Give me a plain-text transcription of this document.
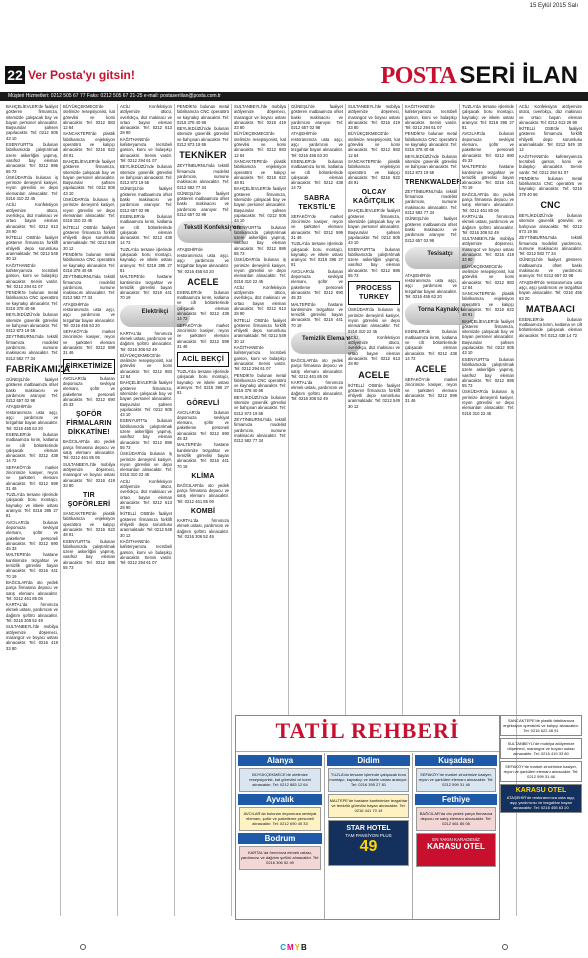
15 Eylül 2015 Salı
22 Ver Posta'yı gitsin!	POSTA SERİ İLAN
Müşteri Hizmetleri: 0212 505 67 77 Faks: 0212 505 67 21-25 e-mail: postaseriilan@posta.com.tr

BAHÇELİEVLER'de faaliyet gösteren firmamıza, sitemizde çalışacak bay ve bayan personel alınacaktır. Başvurular şahsen yapılacaktır. Tel: 0212 505 43 10

ESENYURT'ta bulunan fabrikamızda çalıştırılmak üzere askerliğini yapmış, vasıfsız bay eleman alınacaktır. Tel: 0212 886 55 73

ÜSKÜDAR'da bulunan iş yerimize deneyimli kasiyer, reyon görevlisi ve depo elemanları alınacaktır. Tel: 0216 310 22 45

ACİL! Konfeksiyon atölyemize ütücü, overlokçu, düz makinacı ve ortacı bayan eleman alınacaktır. Tel: 0212 613 28 90

İKİTELLİ OSB'de faaliyet gösteren firmamıza forklift ehliyetli depo sorumlusu aranmaktadır. Tel: 0212 549 30 12

KAĞITHANE'de kafeteryamıza tecrübeli garson, komi ve bulaşıkçı alınacaktır. Servis vardır. Tel: 0212 294 61 07

PENDİK'te bulunan metal fabrikamıza CNC operatörü ve kaynakçı alınacaktır. Tel: 0216 378 40 66

BEYLİKDÜZÜ'nde bulunan sitemize güvenlik görevlisi ve bahçıvan alınacaktır. Tel: 0212 873 19 55

ZEYTİNBURNU'nda tekstil firmamıza modelist yardımcısı, numune makinacısı alınacaktır. Tel: 0212 582 77 34

FABRİKAMIZA

GÜNEŞLİ'de faaliyet gösteren matbaamıza ofset baskı makinacısı ve yardımcısı aranıyor. Tel: 0212 657 02 98

ATAŞEHİR'de restoranımıza usta aşçı, aşçı yardımcısı ve tezgahtar bayan alınacaktır. Tel: 0216 455 63 20

ESENLER'de bulunan matbaamıza kırım, katlama ve cilt bölümlerinde çalışacak eleman alınacaktır. Tel: 0212 438 14 72

SEFAKÖY'de market zincirimize kasiyer, reyon ve şarküteri elemanı alınacaktır. Tel: 0212 599 31 46

TUZLA'da tersane işlerinde çalışacak boru montajcı, kaynakçı ve iskele ustası aranıyor. Tel: 0216 395 27 81

AVCILAR'da bulunan depomuza sevkiyat elemanı, şoför ve paketleme personeli alınacaktır. Tel: 0212 690 45 33

MALTEPE'de hastane kantinimize tezgahtar ve temizlik görevlisi bayan alınacaktır. Tel: 0216 441 70 19

BAĞCILAR'da oto yedek parça firmasına depocu ve satış elemanı alınacaktır. Tel: 0212 461 85 06

KARTAL'da fırınımıza ekmek ustası, yardımcısı ve dağıtım şoförü alınacaktır. Tel: 0216 306 52 49

SULTANBEYLİ'de mobilya atölyemize döşemeci, marangoz ve boyacı ustası alınacaktır. Tel: 0216 419 33 80

BÜYÜKÇEKMECE'de otelimize resepsiyonist, kat görevlisi ve komi alınacaktır. Tel: 0212 883 12 64

SANCAKTEPE'de plastik fabrikamıza enjeksiyon operatörü ve kalıpçı alınacaktır. Tel: 0216 622 48 91

BAHÇELİEVLER'de faaliyet gösteren firmamıza, sitemizde çalışacak bay ve bayan personel alınacaktır. Başvurular şahsen yapılacaktır. Tel: 0212 505 43 10

ÜSKÜDAR'da bulunan iş yerimize deneyimli kasiyer, reyon görevlisi ve depo elemanları alınacaktır. Tel: 0216 310 22 45

İKİTELLİ OSB'de faaliyet gösteren firmamıza forklift ehliyetli depo sorumlusu aranmaktadır. Tel: 0212 549 30 12

PENDİK'te bulunan metal fabrikamıza CNC operatörü ve kaynakçı alınacaktır. Tel: 0216 378 40 66

ZEYTİNBURNU'nda tekstil firmamıza modelist yardımcısı, numune makinacısı alınacaktır. Tel: 0212 582 77 34

ATAŞEHİR'de restoranımıza usta aşçı, aşçı yardımcısı ve tezgahtar bayan alınacaktır. Tel: 0216 455 63 20

SEFAKÖY'de market zincirimize kasiyer, reyon ve şarküteri elemanı alınacaktır. Tel: 0212 599 31 46

ŞİRKETİMİZE

AVCILAR'da bulunan depomuza sevkiyat elemanı, şoför ve paketleme personeli alınacaktır. Tel: 0212 690 45 33

ŞOFÖR FİRMALARIN DİKKATİNE!

BAĞCILAR'da oto yedek parça firmasına depocu ve satış elemanı alınacaktır. Tel: 0212 461 85 06

SULTANBEYLİ'de mobilya atölyemize döşemeci, marangoz ve boyacı ustası alınacaktır. Tel: 0216 419 33 80

TIR ŞOFÖRLERİ

SANCAKTEPE'de plastik fabrikamıza enjeksiyon operatörü ve kalıpçı alınacaktır. Tel: 0216 622 48 91

ESENYURT'ta bulunan fabrikamızda çalıştırılmak üzere askerliğini yapmış, vasıfsız bay eleman alınacaktır. Tel: 0212 886 55 73

ACİL! Konfeksiyon atölyemize ütücü, overlokçu, düz makinacı ve ortacı bayan eleman alınacaktır. Tel: 0212 613 28 90

KAĞITHANE'de kafeteryamıza tecrübeli garson, komi ve bulaşıkçı alınacaktır. Servis vardır. Tel: 0212 294 61 07

BEYLİKDÜZÜ'nde bulunan sitemize güvenlik görevlisi ve bahçıvan alınacaktır. Tel: 0212 873 19 55

GÜNEŞLİ'de faaliyet gösteren matbaamıza ofset baskı makinacısı ve yardımcısı aranıyor. Tel: 0212 657 02 98

ESENLER'de bulunan matbaamıza kırım, katlama ve cilt bölümlerinde çalışacak eleman alınacaktır. Tel: 0212 438 14 72

TUZLA'da tersane işlerinde çalışacak boru montajcı, kaynakçı ve iskele ustası aranıyor. Tel: 0216 395 27 81

MALTEPE'de hastane kantinimize tezgahtar ve temizlik görevlisi bayan alınacaktır. Tel: 0216 441 70 19

Elektrikçi

KARTAL'da fırınımıza ekmek ustası, yardımcısı ve dağıtım şoförü alınacaktır. Tel: 0216 306 52 49

BÜYÜKÇEKMECE'de otelimize resepsiyonist, kat görevlisi ve komi alınacaktır. Tel: 0212 883 12 64

BAHÇELİEVLER'de faaliyet gösteren firmamıza, sitemizde çalışacak bay ve bayan personel alınacaktır. Başvurular şahsen yapılacaktır. Tel: 0212 505 43 10

ESENYURT'ta bulunan fabrikamızda çalıştırılmak üzere askerliğini yapmış, vasıfsız bay eleman alınacaktır. Tel: 0212 886 55 73

ÜSKÜDAR'da bulunan iş yerimize deneyimli kasiyer, reyon görevlisi ve depo elemanları alınacaktır. Tel: 0216 310 22 45

ACİL! Konfeksiyon atölyemize ütücü, overlokçu, düz makinacı ve ortacı bayan eleman alınacaktır. Tel: 0212 613 28 90

İKİTELLİ OSB'de faaliyet gösteren firmamıza forklift ehliyetli depo sorumlusu aranmaktadır. Tel: 0212 549 30 12

KAĞITHANE'de kafeteryamıza tecrübeli garson, komi ve bulaşıkçı alınacaktır. Servis vardır. Tel: 0212 294 61 07

PENDİK'te bulunan metal fabrikamıza CNC operatörü ve kaynakçı alınacaktır. Tel: 0216 378 40 66

BEYLİKDÜZÜ'nde bulunan sitemize güvenlik görevlisi ve bahçıvan alınacaktır. Tel: 0212 873 19 55

TEKNİKER

ZEYTİNBURNU'nda tekstil firmamıza modelist yardımcısı, numune makinacısı alınacaktır. Tel: 0212 582 77 34

GÜNEŞLİ'de faaliyet gösteren matbaamıza ofset baskı makinacısı ve yardımcısı aranıyor. Tel: 0212 657 02 98

Tekstil Konfeksiyon

ATAŞEHİR'de restoranımıza usta aşçı, aşçı yardımcısı ve tezgahtar bayan alınacaktır. Tel: 0216 455 63 20

ACELE

ESENLER'de bulunan matbaamıza kırım, katlama ve cilt bölümlerinde çalışacak eleman alınacaktır. Tel: 0212 438 14 72

SEFAKÖY'de market zincirimize kasiyer, reyon ve şarküteri elemanı alınacaktır. Tel: 0212 599 31 46

ACİL BEKÇİ

TUZLA'da tersane işlerinde çalışacak boru montajcı, kaynakçı ve iskele ustası aranıyor. Tel: 0216 395 27 81

GÖREVLİ

AVCILAR'da bulunan depomuza sevkiyat elemanı, şoför ve paketleme personeli alınacaktır. Tel: 0212 690 45 33

MALTEPE'de hastane kantinimize tezgahtar ve temizlik görevlisi bayan alınacaktır. Tel: 0216 441 70 19

KLİMA

BAĞCILAR'da oto yedek parça firmasına depocu ve satış elemanı alınacaktır. Tel: 0212 461 85 06

KOMBİ

KARTAL'da fırınımıza ekmek ustası, yardımcısı ve dağıtım şoförü alınacaktır. Tel: 0216 306 52 49

SULTANBEYLİ'de mobilya atölyemize döşemeci, marangoz ve boyacı ustası alınacaktır. Tel: 0216 419 33 80

BÜYÜKÇEKMECE'de otelimize resepsiyonist, kat görevlisi ve komi alınacaktır. Tel: 0212 883 12 64

SANCAKTEPE'de plastik fabrikamıza enjeksiyon operatörü ve kalıpçı alınacaktır. Tel: 0216 622 48 91

BAHÇELİEVLER'de faaliyet gösteren firmamıza, sitemizde çalışacak bay ve bayan personel alınacaktır. Başvurular şahsen yapılacaktır. Tel: 0212 505 43 10

ESENYURT'ta bulunan fabrikamızda çalıştırılmak üzere askerliğini yapmış, vasıfsız bay eleman alınacaktır. Tel: 0212 886 55 73

ÜSKÜDAR'da bulunan iş yerimize deneyimli kasiyer, reyon görevlisi ve depo elemanları alınacaktır. Tel: 0216 310 22 45

ACİL! Konfeksiyon atölyemize ütücü, overlokçu, düz makinacı ve ortacı bayan eleman alınacaktır. Tel: 0212 613 28 90

İKİTELLİ OSB'de faaliyet gösteren firmamıza forklift ehliyetli depo sorumlusu aranmaktadır. Tel: 0212 549 30 12

KAĞITHANE'de kafeteryamıza tecrübeli garson, komi ve bulaşıkçı alınacaktır. Servis vardır. Tel: 0212 294 61 07

PENDİK'te bulunan metal fabrikamıza CNC operatörü ve kaynakçı alınacaktır. Tel: 0216 378 40 66

BEYLİKDÜZÜ'nde bulunan sitemize güvenlik görevlisi ve bahçıvan alınacaktır. Tel: 0212 873 19 55

ZEYTİNBURNU'nda tekstil firmamıza modelist yardımcısı, numune makinacısı alınacaktır. Tel: 0212 582 77 34

GÜNEŞLİ'de faaliyet gösteren matbaamıza ofset baskı makinacısı ve yardımcısı aranıyor. Tel: 0212 657 02 98

ATAŞEHİR'de restoranımıza usta aşçı, aşçı yardımcısı ve tezgahtar bayan alınacaktır. Tel: 0216 455 63 20

ESENLER'de bulunan matbaamıza kırım, katlama ve cilt bölümlerinde çalışacak eleman alınacaktır. Tel: 0212 438 14 72

SABRA TEKSTİL'E

SEFAKÖY'de market zincirimize kasiyer, reyon ve şarküteri elemanı alınacaktır. Tel: 0212 599 31 46

TUZLA'da tersane işlerinde çalışacak boru montajcı, kaynakçı ve iskele ustası aranıyor. Tel: 0216 395 27 81

AVCILAR'da bulunan depomuza sevkiyat elemanı, şoför ve paketleme personeli alınacaktır. Tel: 0212 690 45 33

MALTEPE'de hastane kantinimize tezgahtar ve temizlik görevlisi bayan alınacaktır. Tel: 0216 441 70 19

Temizlik Elemanı

BAĞCILAR'da oto yedek parça firmasına depocu ve satış elemanı alınacaktır. Tel: 0212 461 85 06

KARTAL'da fırınımıza ekmek ustası, yardımcısı ve dağıtım şoförü alınacaktır. Tel: 0216 306 52 49

SULTANBEYLİ'de mobilya atölyemize döşemeci, marangoz ve boyacı ustası alınacaktır. Tel: 0216 419 33 80

BÜYÜKÇEKMECE'de otelimize resepsiyonist, kat görevlisi ve komi alınacaktır. Tel: 0212 883 12 64

SANCAKTEPE'de plastik fabrikamıza enjeksiyon operatörü ve kalıpçı alınacaktır. Tel: 0216 622 48 91

OLCAY KAĞITÇILIK

BAHÇELİEVLER'de faaliyet gösteren firmamıza, sitemizde çalışacak bay ve bayan personel alınacaktır. Başvurular şahsen yapılacaktır. Tel: 0212 505 43 10

ESENYURT'ta bulunan fabrikamızda çalıştırılmak üzere askerliğini yapmış, vasıfsız bay eleman alınacaktır. Tel: 0212 886 55 73

PROCESS TURKEY

ÜSKÜDAR'da bulunan iş yerimize deneyimli kasiyer, reyon görevlisi ve depo elemanları alınacaktır. Tel: 0216 310 22 45

ACİL! Konfeksiyon atölyemize ütücü, overlokçu, düz makinacı ve ortacı bayan eleman alınacaktır. Tel: 0212 613 28 90

ACELE

İKİTELLİ OSB'de faaliyet gösteren firmamıza forklift ehliyetli depo sorumlusu aranmaktadır. Tel: 0212 549 30 12

KAĞITHANE'de kafeteryamıza tecrübeli garson, komi ve bulaşıkçı alınacaktır. Servis vardır. Tel: 0212 294 61 07

PENDİK'te bulunan metal fabrikamıza CNC operatörü ve kaynakçı alınacaktır. Tel: 0216 378 40 66

BEYLİKDÜZÜ'nde bulunan sitemize güvenlik görevlisi ve bahçıvan alınacaktır. Tel: 0212 873 19 55

TRENKWALDER

ZEYTİNBURNU'nda tekstil firmamıza modelist yardımcısı, numune makinacısı alınacaktır. Tel: 0212 582 77 34

GÜNEŞLİ'de faaliyet gösteren matbaamıza ofset baskı makinacısı ve yardımcısı aranıyor. Tel: 0212 657 02 98

Tesisatçı

ATAŞEHİR'de restoranımıza usta aşçı, aşçı yardımcısı ve tezgahtar bayan alınacaktır. Tel: 0216 455 63 20

Torna Kaynakçı

ESENLER'de bulunan matbaamıza kırım, katlama ve cilt bölümlerinde çalışacak eleman alınacaktır. Tel: 0212 438 14 72

ACELE

SEFAKÖY'de market zincirimize kasiyer, reyon ve şarküteri elemanı alınacaktır. Tel: 0212 599 31 46

TUZLA'da tersane işlerinde çalışacak boru montajcı, kaynakçı ve iskele ustası aranıyor. Tel: 0216 395 27 81

AVCILAR'da bulunan depomuza sevkiyat elemanı, şoför ve paketleme personeli alınacaktır. Tel: 0212 690 45 33

MALTEPE'de hastane kantinimize tezgahtar ve temizlik görevlisi bayan alınacaktır. Tel: 0216 441 70 19

BAĞCILAR'da oto yedek parça firmasına depocu ve satış elemanı alınacaktır. Tel: 0212 461 85 06

KARTAL'da fırınımıza ekmek ustası, yardımcısı ve dağıtım şoförü alınacaktır. Tel: 0216 306 52 49

SULTANBEYLİ'de mobilya atölyemize döşemeci, marangoz ve boyacı ustası alınacaktır. Tel: 0216 419 33 80

BÜYÜKÇEKMECE'de otelimize resepsiyonist, kat görevlisi ve komi alınacaktır. Tel: 0212 883 12 64

SANCAKTEPE'de plastik fabrikamıza enjeksiyon operatörü ve kalıpçı alınacaktır. Tel: 0216 622 48 91

BAHÇELİEVLER'de faaliyet gösteren firmamıza, sitemizde çalışacak bay ve bayan personel alınacaktır. Başvurular şahsen yapılacaktır. Tel: 0212 505 43 10

ESENYURT'ta bulunan fabrikamızda çalıştırılmak üzere askerliğini yapmış, vasıfsız bay eleman alınacaktır. Tel: 0212 886 55 73

ÜSKÜDAR'da bulunan iş yerimize deneyimli kasiyer, reyon görevlisi ve depo elemanları alınacaktır. Tel: 0216 310 22 45

ACİL! Konfeksiyon atölyemize ütücü, overlokçu, düz makinacı ve ortacı bayan eleman alınacaktır. Tel: 0212 613 28 90

İKİTELLİ OSB'de faaliyet gösteren firmamıza forklift ehliyetli depo sorumlusu aranmaktadır. Tel: 0212 549 30 12

KAĞITHANE'de kafeteryamıza tecrübeli garson, komi ve bulaşıkçı alınacaktır. Servis vardır. Tel: 0212 294 61 07

PENDİK'te bulunan metal fabrikamıza CNC operatörü ve kaynakçı alınacaktır. Tel: 0216 378 40 66

CNC

BEYLİKDÜZÜ'nde bulunan sitemize güvenlik görevlisi ve bahçıvan alınacaktır. Tel: 0212 873 19 55

ZEYTİNBURNU'nda tekstil firmamıza modelist yardımcısı, numune makinacısı alınacaktır. Tel: 0212 582 77 34

GÜNEŞLİ'de faaliyet gösteren matbaamıza ofset baskı makinacısı ve yardımcısı aranıyor. Tel: 0212 657 02 98

ATAŞEHİR'de restoranımıza usta aşçı, aşçı yardımcısı ve tezgahtar bayan alınacaktır. Tel: 0216 455 63 20

MATBAACI

ESENLER'de bulunan matbaamıza kırım, katlama ve cilt bölümlerinde çalışacak eleman alınacaktır. Tel: 0212 438 14 72

TATİL REHBERİ
Alanya
BÜYÜKÇEKMECE'de otelimize resepsiyonist, kat görevlisi ve komi alınacaktır. Tel: 0212 883 12 64
Ayvalık
AVCILAR'da bulunan depomuza sevkiyat elemanı, şoför ve paketleme personeli alınacaktır. Tel: 0212 690 45 33
Bodrum
KARTAL'da fırınımıza ekmek ustası, yardımcısı ve dağıtım şoförü alınacaktır. Tel: 0216 306 52 49
Didim
TUZLA'da tersane işlerinde çalışacak boru montajcı, kaynakçı ve iskele ustası aranıyor. Tel: 0216 395 27 81
MALTEPE'de hastane kantinimize tezgahtar ve temizlik görevlisi bayan alınacaktır. Tel: 0216 441 70 19
STAR HOTEL
TAM PANSİYON PLUS
49
Kuşadası
SEFAKÖY'de market zincirimize kasiyer, reyon ve şarküteri elemanı alınacaktır. Tel: 0212 599 31 46
Fethiye
BAĞCILAR'da oto yedek parça firmasına depocu ve satış elemanı alınacaktır. Tel: 0212 461 85 06
EN YAKIN KARADENİZ
KARASU OTEL
SANCAKTEPE'de plastik fabrikamıza enjeksiyon operatörü ve kalıpçı alınacaktır. Tel: 0216 622 48 91
SULTANBEYLİ'de mobilya atölyemize döşemeci, marangoz ve boyacı ustası alınacaktır. Tel: 0216 419 33 80
SEFAKÖY'de market zincirimize kasiyer, reyon ve şarküteri elemanı alınacaktır. Tel: 0212 599 31 46
KARASU OTEL
ATAŞEHİR'de restoranımıza usta aşçı, aşçı yardımcısı ve tezgahtar bayan alınacaktır. Tel: 0216 455 63 20
CMYB
